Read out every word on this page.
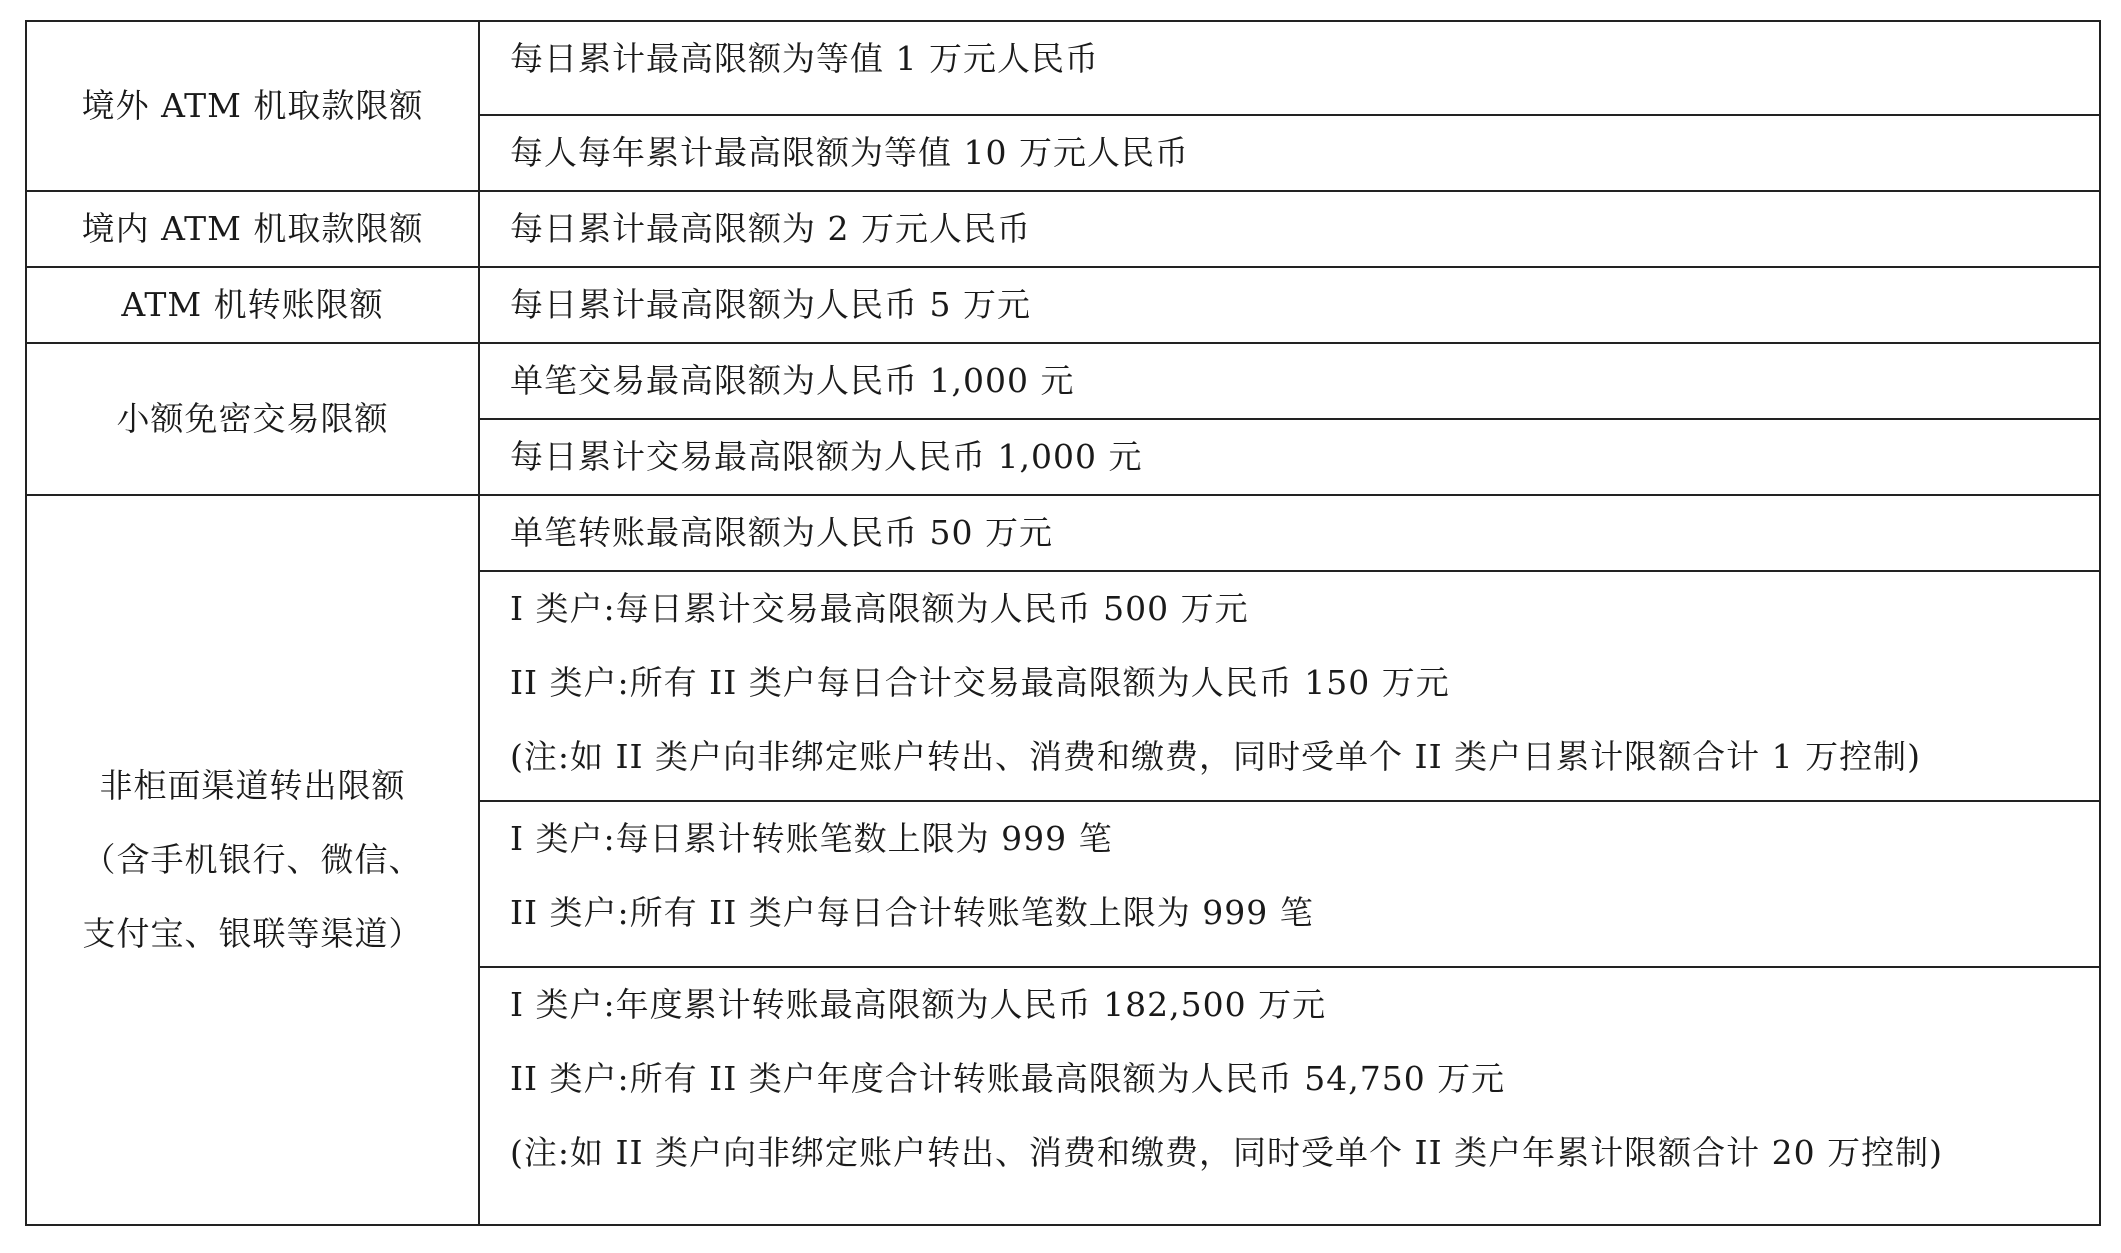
境外 ATM 机取款限额	每日累计最高限额为等值 1 万元人民币

	每人每年累计最高限额为等值 10 万元人民币

境内 ATM 机取款限额	每日累计最高限额为 2 万元人民币

ATM 机转账限额	每日累计最高限额为人民币 5 万元

小额免密交易限额	单笔交易最高限额为人民币 1,000 元

	每日累计交易最高限额为人民币 1,000 元

非柜面渠道转出限额
（含手机银行、微信、
支付宝、银联等渠道）	单笔转账最高限额为人民币 50 万元

	I 类户:每日累计交易最高限额为人民币 500 万元
II 类户:所有 II 类户每日合计交易最高限额为人民币 150 万元
(注:如 II 类户向非绑定账户转出、消费和缴费，同时受单个 II 类户日累计限额合计 1 万控制)

	I 类户:每日累计转账笔数上限为 999 笔
II 类户:所有 II 类户每日合计转账笔数上限为 999 笔

	I 类户:年度累计转账最高限额为人民币 182,500 万元
II 类户:所有 II 类户年度合计转账最高限额为人民币 54,750 万元
(注:如 II 类户向非绑定账户转出、消费和缴费，同时受单个 II 类户年累计限额合计 20 万控制)
